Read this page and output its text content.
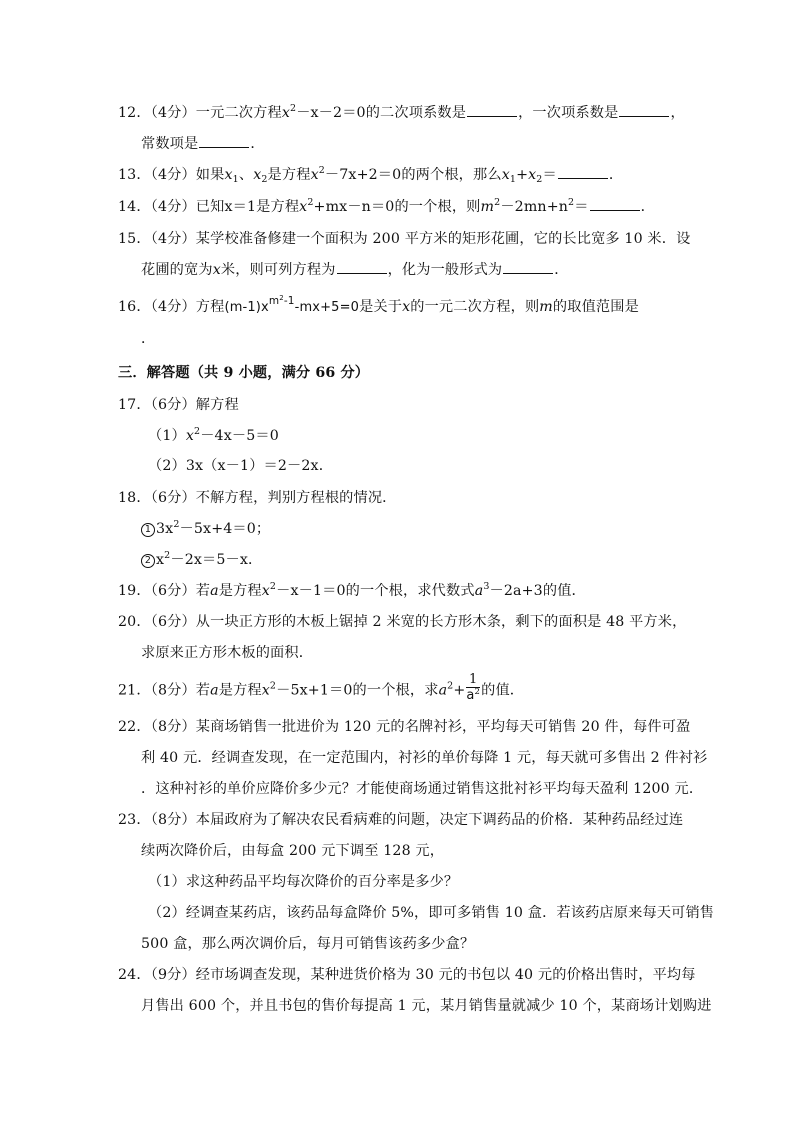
12．（4分）一元二次方程$x^2-x-2=0$的二次项系数是	，一次项系数是	，
常数项是	．
13．（4分）如果$x_1$、$x_2$是方程$x^2-7x+2=0$的两个根，那么$x_1+x_2=$	．
14．（4分）已知x＝1是方程$x^2+mx-n=0$的一个根，则$m^2-2mn+n^2=$	．
15．（4分）某学校准备修建一个面积为 200 平方米的矩形花圃，它的长比宽多 10 米．设
花圃的宽为x米，则可列方程为	，化为一般形式为	．
16．（4分）方程$(m-1)x^{m^2-1}-mx+5=0$是关于x的一元二次方程，则m的取值范围是
．
三．解答题（共 9 小题，满分 66 分）
17．（6分）解方程
$(1)x^2-4x-5=0$
（2）3x（x－1）＝2－2x．
18．（6分）不解方程，判别方程根的情况．
1 $3x^2-5x+4=0$；
2 $x^2-2x=5-x$．
19．（6分）若a是方程$x^2-x-1=0$的一个根，求代数式$a^3-2a+3$的值．
20．（6分）从一块正方形的木板上锯掉 2 米宽的长方形木条，剩下的面积是 48 平方米，
求原来正方形木板的面积．
21．（8分）若a是方程$x^2-5x+1=0$的一个根，求$a^2+ \frac{1}{a^2}$ 的值．
22．（8分）某商场销售一批进价为 120 元的名牌衬衫，平均每天可销售 20 件，每件可盈
利 40 元．经调查发现，在一定范围内，衬衫的单价每降 1 元，每天就可多售出 2 件衬衫
．这种衬衫的单价应降价多少元？才能使商场通过销售这批衬衫平均每天盈利 1200 元．
23．（8分）本届政府为了解决农民看病难的问题，决定下调药品的价格．某种药品经过连
续两次降价后，由每盒 200 元下调至 128 元，
（1）求这种药品平均每次降价的百分率是多少？
（2）经调查某药店，该药品每盒降价 5%，即可多销售 10 盒．若该药店原来每天可销售
500 盒，那么两次调价后，每月可销售该药多少盒？
24．（9分）经市场调查发现，某种进货价格为 30 元的书包以 40 元的价格出售时，平均每
月售出 600 个，并且书包的售价每提高 1 元，某月销售量就减少 10 个，某商场计划购进
